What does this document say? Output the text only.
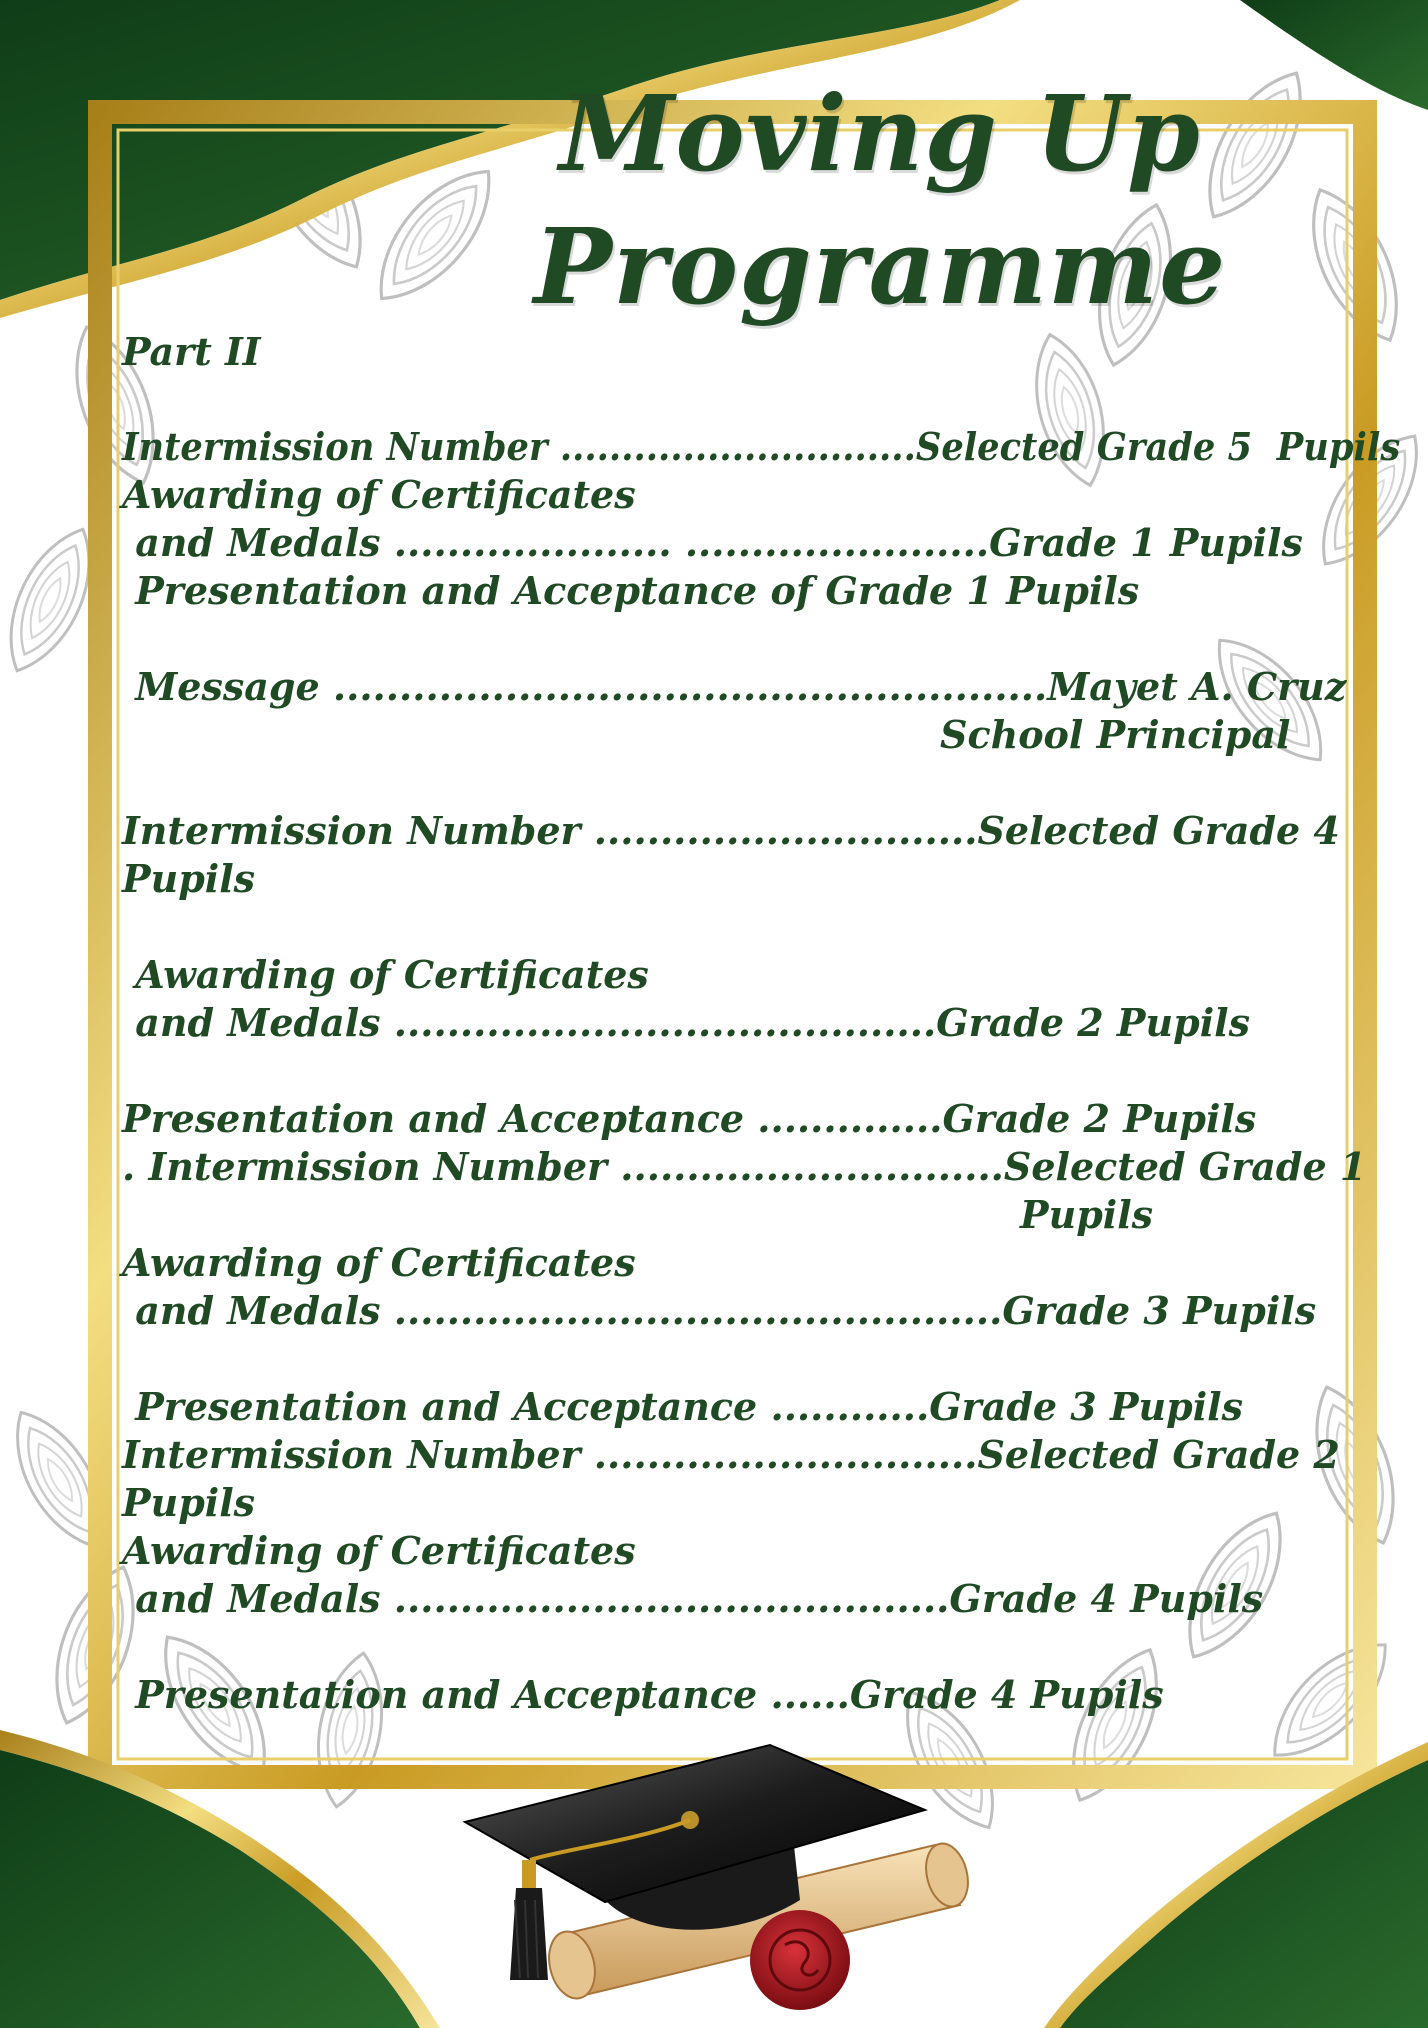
Moving Up
Programme
Part II
Intermission Number .............................Selected Grade 5  Pupils
Awarding of Certificates
and Medals ..................... .......................Grade 1 Pupils
Presentation and Acceptance of Grade 1 Pupils
Message ......................................................Mayet A. Cruz
School Principal
Intermission Number .............................Selected Grade 4
Pupils
Awarding of Certificates
and Medals .........................................Grade 2 Pupils
Presentation and Acceptance ..............Grade 2 Pupils
. Intermission Number .............................Selected Grade 1
Pupils
Awarding of Certificates
and Medals ..............................................Grade 3 Pupils
Presentation and Acceptance ............Grade 3 Pupils
Intermission Number .............................Selected Grade 2
Pupils
Awarding of Certificates
and Medals ..........................................Grade 4 Pupils
Presentation and Acceptance ......Grade 4 Pupils
